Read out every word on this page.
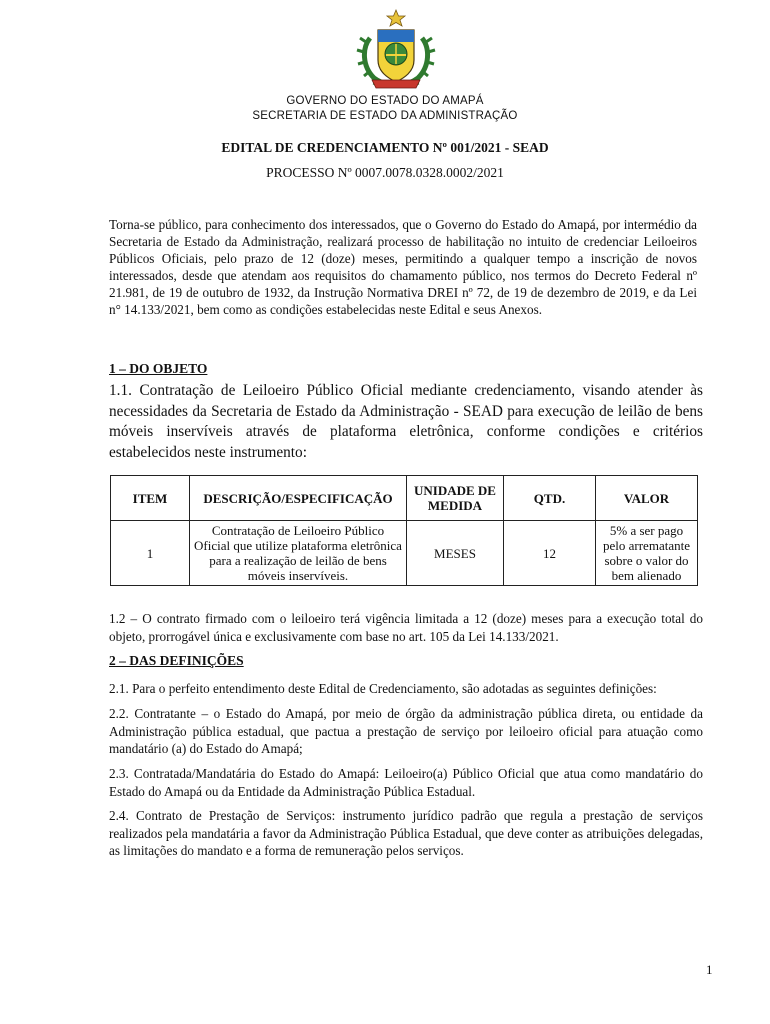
GOVERNO DO ESTADO DO AMAPÁ
SECRETARIA DE ESTADO DA ADMINISTRAÇÃO
EDITAL DE CREDENCIAMENTO Nº 001/2021 - SEAD
PROCESSO Nº 0007.0078.0328.0002/2021
Torna-se público, para conhecimento dos interessados, que o Governo do Estado do Amapá, por intermédio da Secretaria de Estado da Administração, realizará processo de habilitação no intuito de credenciar Leiloeiros Públicos Oficiais, pelo prazo de 12 (doze) meses, permitindo a qualquer tempo a inscrição de novos interessados, desde que atendam aos requisitos do chamamento público, nos termos do Decreto Federal nº 21.981, de 19 de outubro de 1932, da Instrução Normativa DREI nº 72, de 19 de dezembro de 2019, e da Lei n° 14.133/2021, bem como as condições estabelecidas neste Edital e seus Anexos.
1 – DO OBJETO
1.1. Contratação de Leiloeiro Público Oficial mediante credenciamento, visando atender às necessidades da Secretaria de Estado da Administração - SEAD para execução de leilão de bens móveis inservíveis através de plataforma eletrônica, conforme condições e critérios estabelecidos neste instrumento:
ITEM	DESCRIÇÃO/ESPECIFICAÇÃO	UNIDADE DE MEDIDA	QTD.	VALOR
1	Contratação de Leiloeiro Público Oficial que utilize plataforma eletrônica para a realização de leilão de bens móveis inservíveis.	MESES	12	5% a ser pago pelo arrematante sobre o valor do bem alienado
1.2 – O contrato firmado com o leiloeiro terá vigência limitada a 12 (doze) meses para a execução total do objeto, prorrogável única e exclusivamente com base no art. 105 da Lei 14.133/2021.
2 – DAS DEFINIÇÕES
2.1. Para o perfeito entendimento deste Edital de Credenciamento, são adotadas as seguintes definições:
2.2. Contratante – o Estado do Amapá, por meio de órgão da administração pública direta, ou entidade da Administração pública estadual, que pactua a prestação de serviço por leiloeiro oficial para atuação como mandatário (a) do Estado do Amapá;
2.3. Contratada/Mandatária do Estado do Amapá: Leiloeiro(a) Público Oficial que atua como mandatário do Estado do Amapá ou da Entidade da Administração Pública Estadual.
2.4. Contrato de Prestação de Serviços: instrumento jurídico padrão que regula a prestação de serviços realizados pela mandatária a favor da Administração Pública Estadual, que deve conter as atribuições delegadas, as limitações do mandato e a forma de remuneração pelos serviços.
1
